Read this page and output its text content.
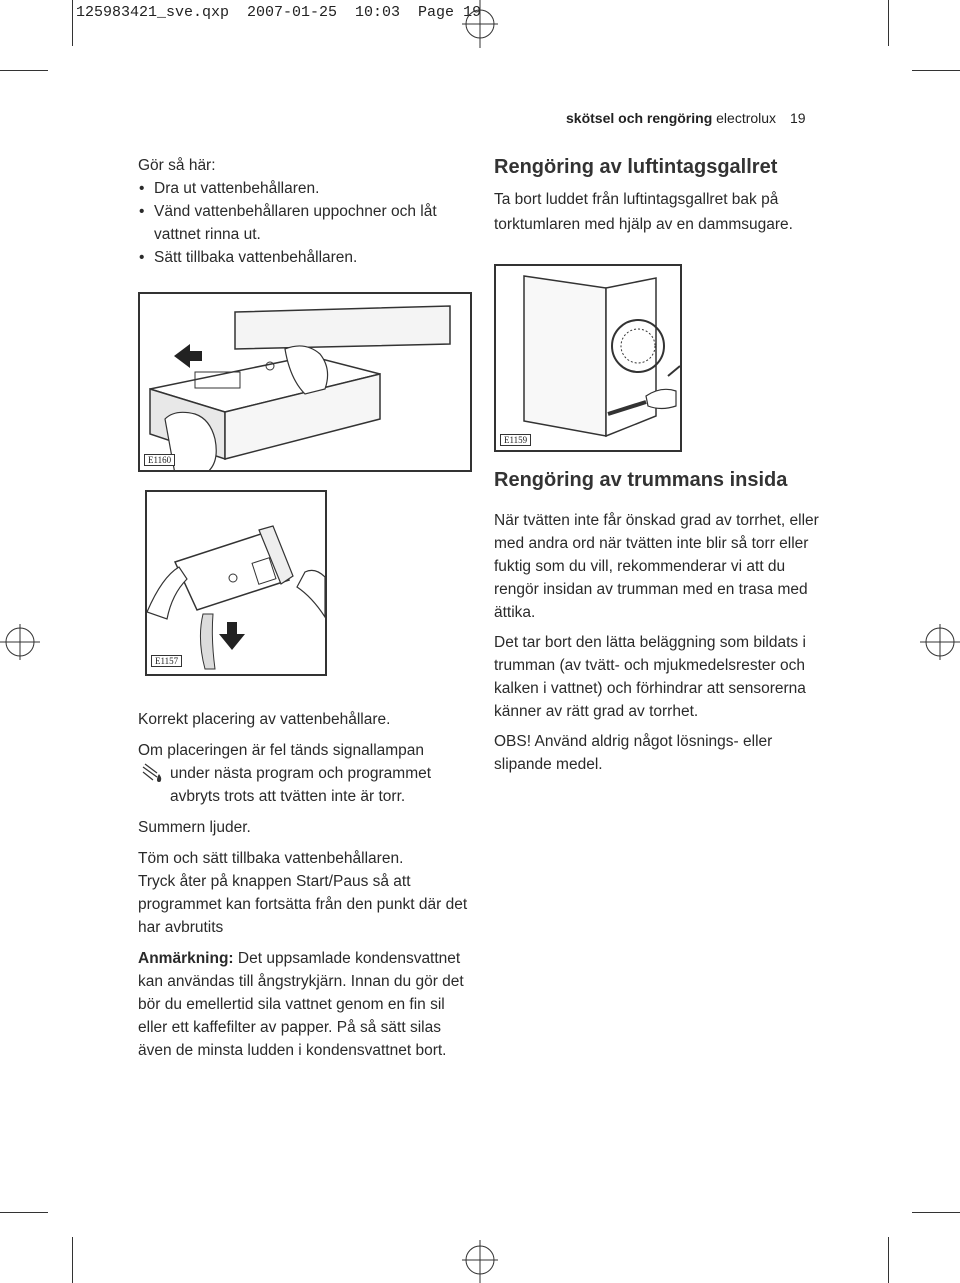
125983421_sve.qxp  2007-01-25  10:03  Page 19
skötsel och rengöring electrolux 19

Gör så här:

• Dra ut vattenbehållaren.
• Vänd vattenbehållaren uppochner och låt vattnet rinna ut.
• Sätt tillbaka vattenbehållaren.
E1160
E1157

Korrekt placering av vattenbehållare.

Om placeringen är fel tänds signallampan

under nästa program och programmet avbryts trots att tvätten inte är torr.

Summern ljuder.

Töm och sätt tillbaka vattenbehållaren.

Tryck åter på knappen Start/Paus så att programmet kan fortsätta från den punkt där det har avbrutits

Anmärkning: Det uppsamlade kondensvattnet kan användas till ångstrykjärn. Innan du gör det bör du emellertid sila vattnet genom en fin sil eller ett kaffefilter av papper. På så sätt silas även de minsta ludden i kondensvattnet bort.

Rengöring av luftintagsgallret

Ta bort luddet från luftintagsgallret bak på torktumlaren med hjälp av en dammsugare.

E1159
Rengöring av trummans insida

När tvätten inte får önskad grad av torrhet, eller med andra ord när tvätten inte blir så torr eller fuktig som du vill, rekommenderar vi att du rengör insidan av trumman med en trasa med ättika.

Det tar bort den lätta beläggning som bildats i trumman (av tvätt- och mjukmedelsrester och kalken i vattnet) och förhindrar att sensorerna känner av rätt grad av torrhet.

OBS! Använd aldrig något lösnings- eller slipande medel.
